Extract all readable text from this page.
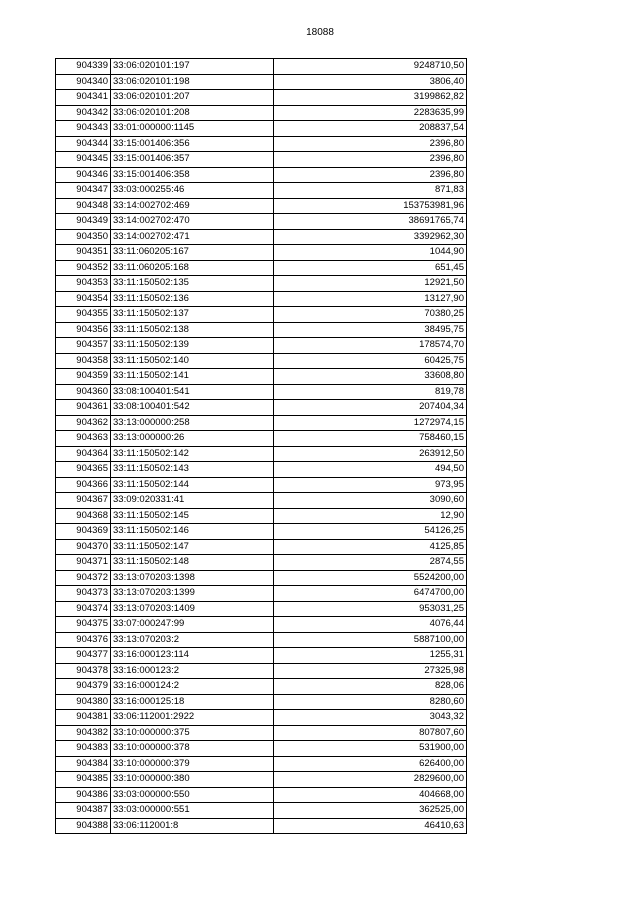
18088
904339	33:06:020101:197	9248710,50
904340	33:06:020101:198	3806,40
904341	33:06:020101:207	3199862,82
904342	33:06:020101:208	2283635,99
904343	33:01:000000:1145	208837,54
904344	33:15:001406:356	2396,80
904345	33:15:001406:357	2396,80
904346	33:15:001406:358	2396,80
904347	33:03:000255:46	871,83
904348	33:14:002702:469	153753981,96
904349	33:14:002702:470	38691765,74
904350	33:14:002702:471	3392962,30
904351	33:11:060205:167	1044,90
904352	33:11:060205:168	651,45
904353	33:11:150502:135	12921,50
904354	33:11:150502:136	13127,90
904355	33:11:150502:137	70380,25
904356	33:11:150502:138	38495,75
904357	33:11:150502:139	178574,70
904358	33:11:150502:140	60425,75
904359	33:11:150502:141	33608,80
904360	33:08:100401:541	819,78
904361	33:08:100401:542	207404,34
904362	33:13:000000:258	1272974,15
904363	33:13:000000:26	758460,15
904364	33:11:150502:142	263912,50
904365	33:11:150502:143	494,50
904366	33:11:150502:144	973,95
904367	33:09:020331:41	3090,60
904368	33:11:150502:145	12,90
904369	33:11:150502:146	54126,25
904370	33:11:150502:147	4125,85
904371	33:11:150502:148	2874,55
904372	33:13:070203:1398	5524200,00
904373	33:13:070203:1399	6474700,00
904374	33:13:070203:1409	953031,25
904375	33:07:000247:99	4076,44
904376	33:13:070203:2	5887100,00
904377	33:16:000123:114	1255,31
904378	33:16:000123:2	27325,98
904379	33:16:000124:2	828,06
904380	33:16:000125:18	8280,60
904381	33:06:112001:2922	3043,32
904382	33:10:000000:375	807807,60
904383	33:10:000000:378	531900,00
904384	33:10:000000:379	626400,00
904385	33:10:000000:380	2829600,00
904386	33:03:000000:550	404668,00
904387	33:03:000000:551	362525,00
904388	33:06:112001:8	46410,63
